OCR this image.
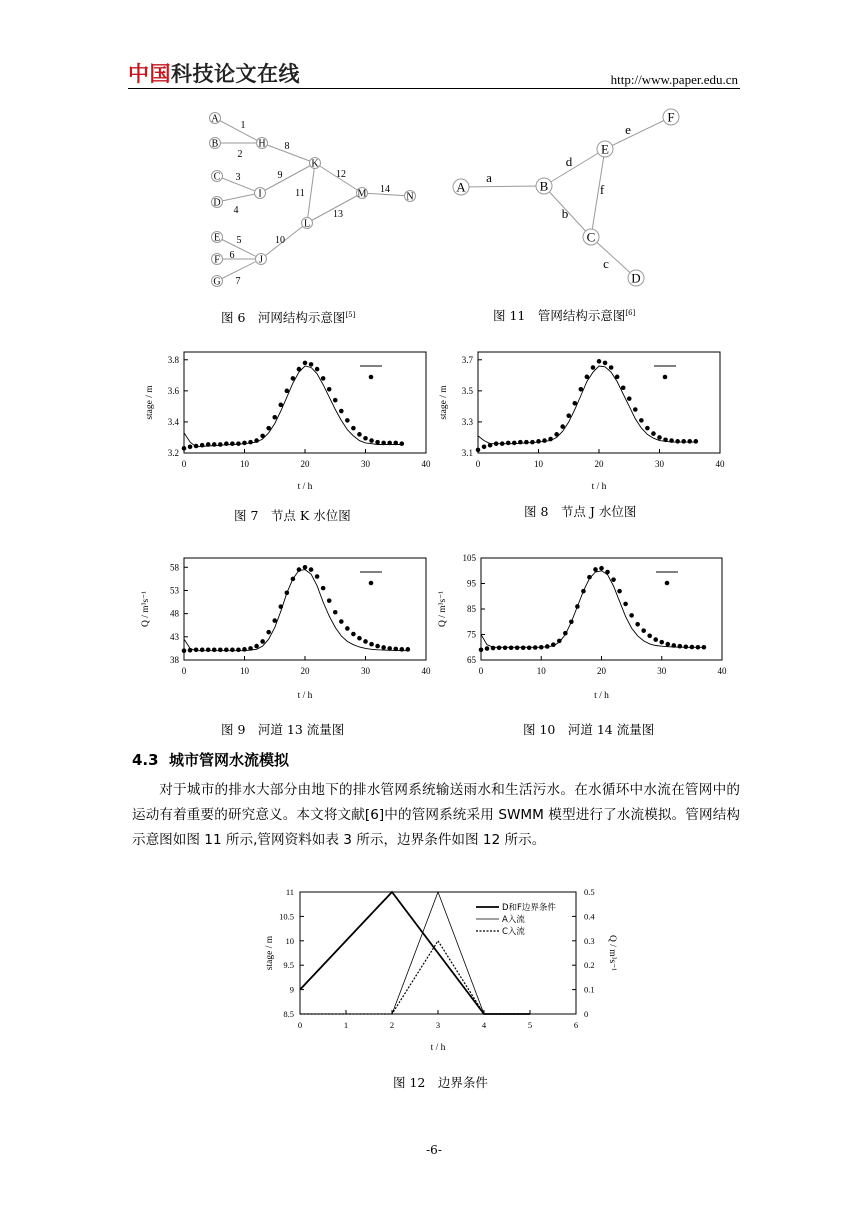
中国科技论文在线	http://www.paper.edu.cn
1
2
3
4
5
6
7
8
9
10
11
12
13
14
A
B	H
C
D
I
E
F
G
J
K
L
M	N
a
b
c
d
e
f
A	B
C
D
E
F
0	10	20	30	40
3.2
3.4
3.6
3.8
t / h
stage / m
0	10	20	30	40
3.1
3.3
3.5
3.7
t / h
stage / m
0	10	20	30	40
38
43
48
53
58
t / h
Q / m³s⁻¹
0	10	20	30	40
65
75
85
95
105
t / h
Q / m³s⁻¹
0	1	2	3	4	5	6
8.5
9
9.5
10
10.5
11
0
0.1
0.2
0.3
0.4
0.5
t / h
stage / m	Q / m³s⁻¹
D和F边界条件
A入流
C入流
图 6　河网结构示意图[5]	图 11　管网结构示意图[6]
图 7　节点 K 水位图	图 8　节点 J 水位图
图 9　河道 13 流量图	图 10　河道 14 流量图
图 12　边界条件
4.3 城市管网水流模拟
对于城市的排水大部分由地下的排水管网系统输送雨水和生活污水。在水循环中水流在管网中的运动有着重要的研究意义。本文将文献[6]中的管网系统采用 SWMM 模型进行了水流模拟。管网结构示意图如图 11 所示,管网资料如表 3 所示，边界条件如图 12 所示。
-6-
